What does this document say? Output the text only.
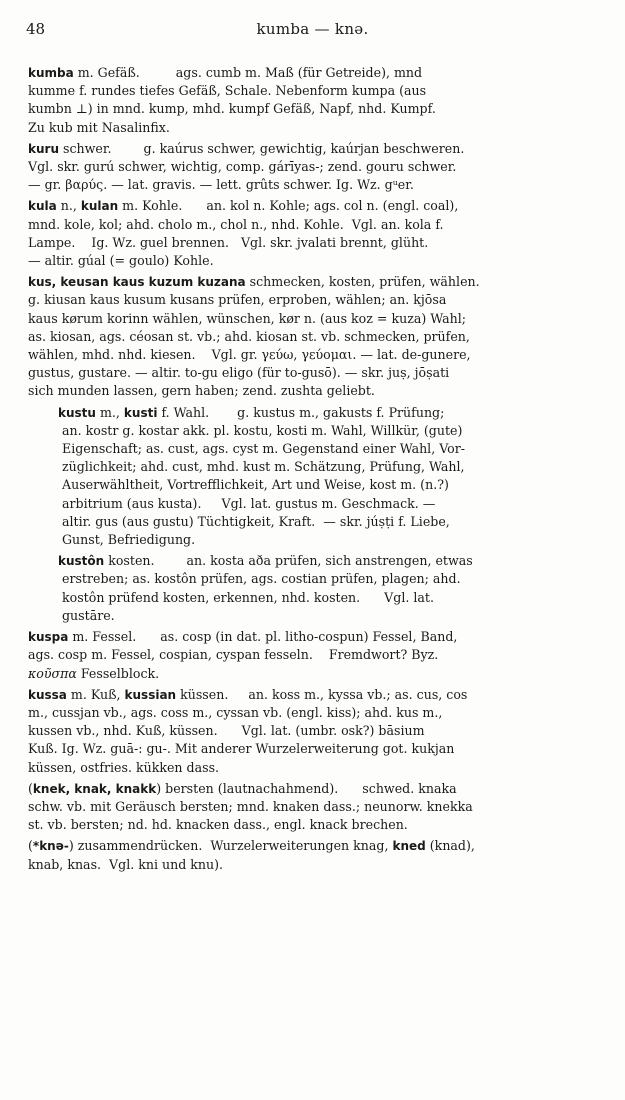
48	kumba — knə.
kumba m. Gefäß.         ags. cumb m. Maß (für Getreide), mnd
kumme f. rundes tiefes Gefäß, Schale. Nebenform kumpa (aus
kumbn ⊥) in mnd. kump, mhd. kumpf Gefäß, Napf, nhd. Kumpf.
Zu kub mit Nasalinfix.
kuru schwer.        g. kaúrus schwer, gewichtig, kaúrjan beschweren.
Vgl. skr. gurú schwer, wichtig, comp. gárīyas-; zend. gouru schwer.
— gr. βαρύς. — lat. gravis. — lett. grûts schwer. Ig. Wz. gᵘer.
kula n., kulan m. Kohle.      an. kol n. Kohle; ags. col n. (engl. coal),
mnd. kole, kol; ahd. cholo m., chol n., nhd. Kohle.  Vgl. an. kola f.
Lampe.    Ig. Wz. guel brennen.   Vgl. skr. jvalati brennt, glüht.
— altir. gúal (= goulo) Kohle.
kus, keusan kaus kuzum kuzana schmecken, kosten, prüfen, wählen.
g. kiusan kaus kusum kusans prüfen, erproben, wählen; an. kjōsa
kaus kørum korinn wählen, wünschen, kør n. (aus koz = kuza) Wahl;
as. kiosan, ags. céosan st. vb.; ahd. kiosan st. vb. schmecken, prüfen,
wählen, mhd. nhd. kiesen.    Vgl. gr. γεύω, γεύομαι. — lat. de-gunere,
gustus, gustare. — altir. to-gu eligo (für to-gusō). — skr. juṣ, jōṣati
sich munden lassen, gern haben; zend. zushta geliebt.
kustu m., kusti f. Wahl.       g. kustus m., gakusts f. Prüfung;
an. kostr g. kostar akk. pl. kostu, kosti m. Wahl, Willkür, (gute)
Eigenschaft; as. cust, ags. cyst m. Gegenstand einer Wahl, Vor-
züglichkeit; ahd. cust, mhd. kust m. Schätzung, Prüfung, Wahl,
Auserwähltheit, Vortrefflichkeit, Art und Weise, kost m. (n.?)
arbitrium (aus kusta).     Vgl. lat. gustus m. Geschmack. —
altir. gus (aus gustu) Tüchtigkeit, Kraft.  — skr. júṣṭi f. Liebe,
Gunst, Befriedigung.
kustôn kosten.        an. kosta aða prüfen, sich anstrengen, etwas
erstreben; as. kostôn prüfen, ags. costian prüfen, plagen; ahd.
kostôn prüfend kosten, erkennen, nhd. kosten.      Vgl. lat.
gustāre.
kuspa m. Fessel.      as. cosp (in dat. pl. litho-cospun) Fessel, Band,
ags. cosp m. Fessel, cospian, cyspan fesseln.    Fremdwort? Byz.
κοῦσπα Fesselblock.
kussa m. Kuß, kussian küssen.     an. koss m., kyssa vb.; as. cus, cos
m., cussjan vb., ags. coss m., cyssan vb. (engl. kiss); ahd. kus m.,
kussen vb., nhd. Kuß, küssen.      Vgl. lat. (umbr. osk?) bāsium
Kuß. Ig. Wz. guā-: gu-. Mit anderer Wurzelerweiterung got. kukjan
küssen, ostfries. kükken dass.
(knek, knak, knakk) bersten (lautnachahmend).      schwed. knaka
schw. vb. mit Geräusch bersten; mnd. knaken dass.; neunorw. knekka
st. vb. bersten; nd. hd. knacken dass., engl. knack brechen.
(*knə-) zusammendrücken.  Wurzelerweiterungen knag, kned (knad),
knab, knas.  Vgl. kni und knu).
